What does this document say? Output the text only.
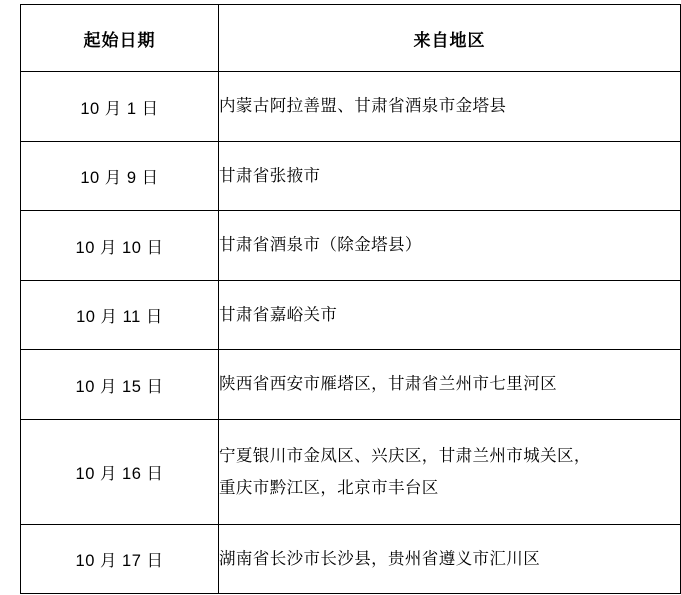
起始日期	来自地区
10 月 1 日	内蒙古阿拉善盟、甘肃省酒泉市金塔县

10 月 9 日	甘肃省张掖市

10 月 10 日	甘肃省酒泉市（除金塔县）

10 月 11 日	甘肃省嘉峪关市

10 月 15 日	陕西省西安市雁塔区，甘肃省兰州市七里河区

10 月 16 日	宁夏银川市金凤区、兴庆区，甘肃兰州市城关区，
重庆市黔江区，北京市丰台区

10 月 17 日	湖南省长沙市长沙县，贵州省遵义市汇川区
